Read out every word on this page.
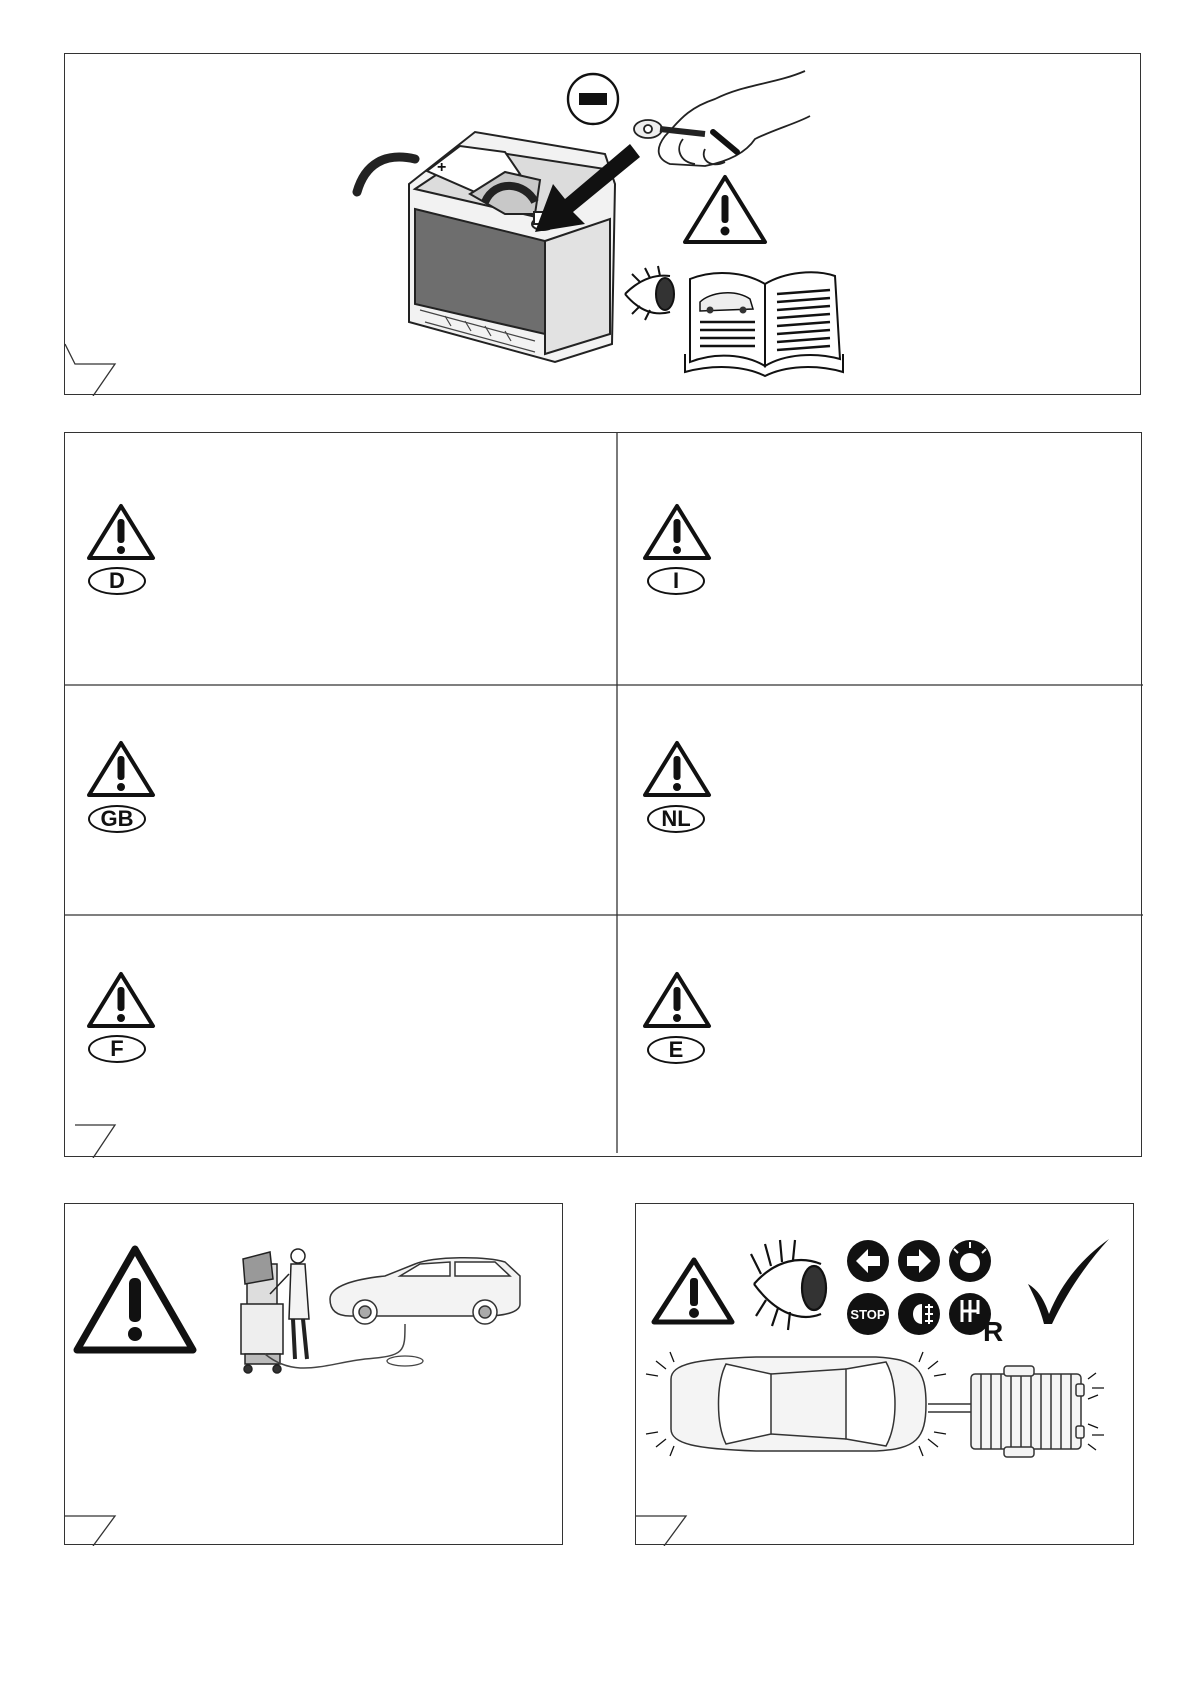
+
D	I
GB	NL
F	E
STOP
R
